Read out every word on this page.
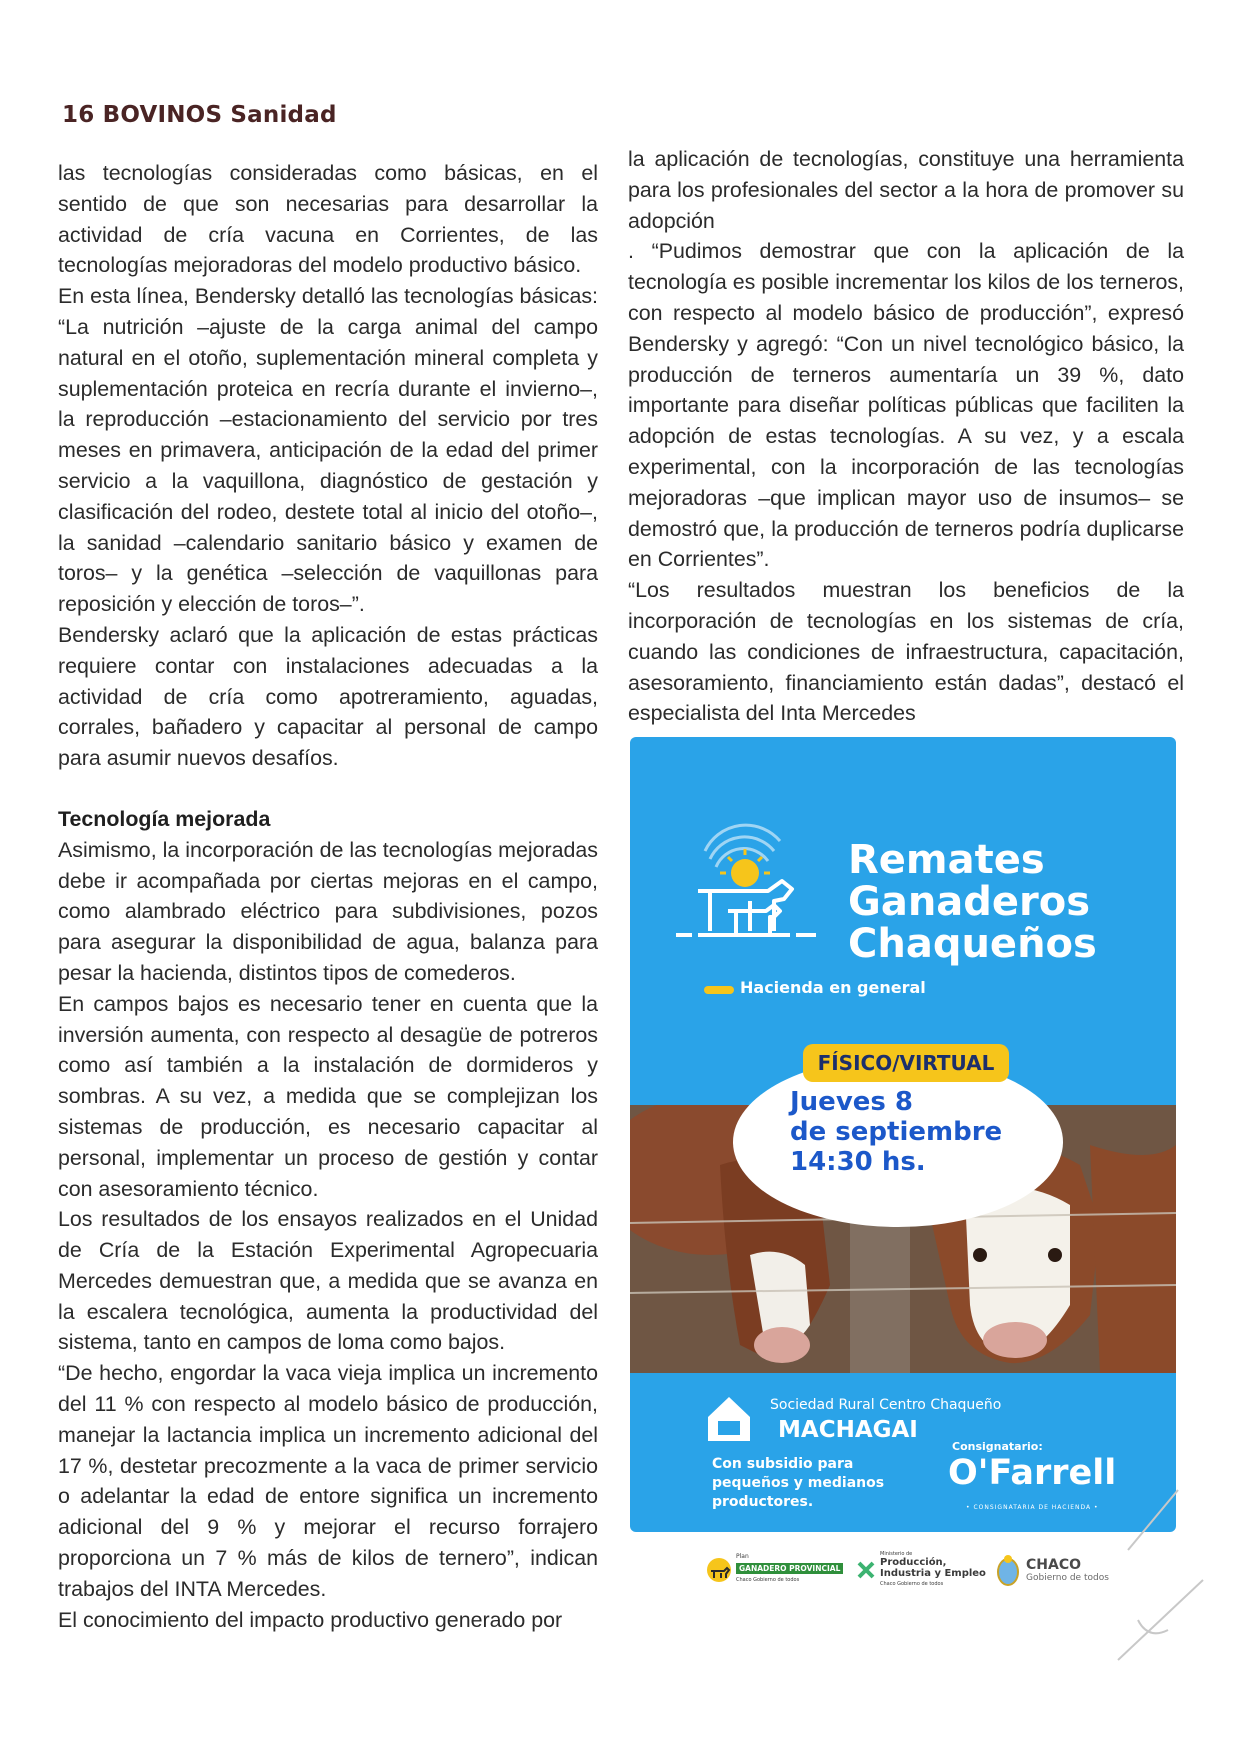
16 BOVINOS Sanidad

las tecnologías consideradas como básicas, en el sentido de que son necesarias para desarrollar la actividad de cría vacuna en Corrientes, de las tecnologías mejoradoras del modelo productivo básico.

En esta línea, Bendersky detalló las tecnologías básicas: “La nutrición –ajuste de la carga animal del campo natural en el otoño, suplementación mineral completa y suplementación proteica en recría durante el invierno–, la reproducción –estacionamiento del servicio por tres meses en primavera, anticipación de la edad del primer servicio a la vaquillona, diagnóstico de gestación y clasificación del rodeo, destete total al inicio del otoño–, la sanidad –calendario sanitario básico y examen de toros– y la genética –selección de vaquillonas para reposición y elección de toros–”.

Bendersky aclaró que la aplicación de estas prácticas requiere contar con instalaciones adecuadas a la actividad de cría como apotreramiento, aguadas, corrales, bañadero y capacitar al personal de campo para asumir nuevos desafíos.

Tecnología mejorada

Asimismo, la incorporación de las tecnologías mejoradas debe ir acompañada por ciertas mejoras en el campo, como alambrado eléctrico para subdivisiones, pozos para asegurar la disponibilidad de agua, balanza para pesar la hacienda, distintos tipos de comederos.

En campos bajos es necesario tener en cuenta que la inversión aumenta, con respecto al desagüe de potreros como así también a la instalación de dormideros y sombras. A su vez, a medida que se complejizan los sistemas de producción, es necesario capacitar al personal, implementar un proceso de gestión y contar con asesoramiento técnico.

Los resultados de los ensayos realizados en el Unidad de Cría de la Estación Experimental Agropecuaria Mercedes demuestran que, a medida que se avanza en la escalera tecnológica, aumenta la productividad del sistema, tanto en campos de loma como bajos.

“De hecho, engordar la vaca vieja implica un incremento del 11 % con respecto al modelo básico de producción, manejar la lactancia implica un incremento adicional del 17 %, destetar precozmente a la vaca de primer servicio o adelantar la edad de entore significa un incremento adicional del 9 % y mejorar el recurso forrajero proporciona un 7 % más de kilos de ternero”, indican trabajos del INTA Mercedes.

El conocimiento del impacto productivo generado por

la aplicación de tecnologías, constituye una herramienta para los profesionales del sector a la hora de promover su adopción

. “Pudimos demostrar que con la aplicación de la tecnología es posible incrementar los kilos de los terneros, con respecto al modelo básico de producción”, expresó Bendersky y agregó: “Con un nivel tecnológico básico, la producción de terneros aumentaría un 39 %, dato importante para diseñar políticas públicas que faciliten la adopción de estas tecnologías. A su vez, y a escala experimental, con la incorporación de las tecnologías mejoradoras –que implican mayor uso de insumos– se demostró que, la producción de terneros podría duplicarse en Corrientes”.

“Los resultados muestran los beneficios de la incorporación de tecnologías en los sistemas de cría, cuando las condiciones de infraestructura, capacitación, asesoramiento, financiamiento están dadas”, destacó el especialista del Inta Mercedes

Remates
Ganaderos
Chaqueños
Hacienda en general
FÍSICO/VIRTUAL
Jueves 8
de septiembre
14:30 hs.
Sociedad Rural Centro Chaqueño
MACHAGAI
Con subsidio para pequeños y medianos productores.
Consignatario:
O'Farrell
• CONSIGNATARIA DE HACIENDA •
Plan
GANADERO PROVINCIAL
Chaco Gobierno de todos
Ministerio de
Producción,
Industria y Empleo
Chaco Gobierno de todos
CHACO
Gobierno de todos
